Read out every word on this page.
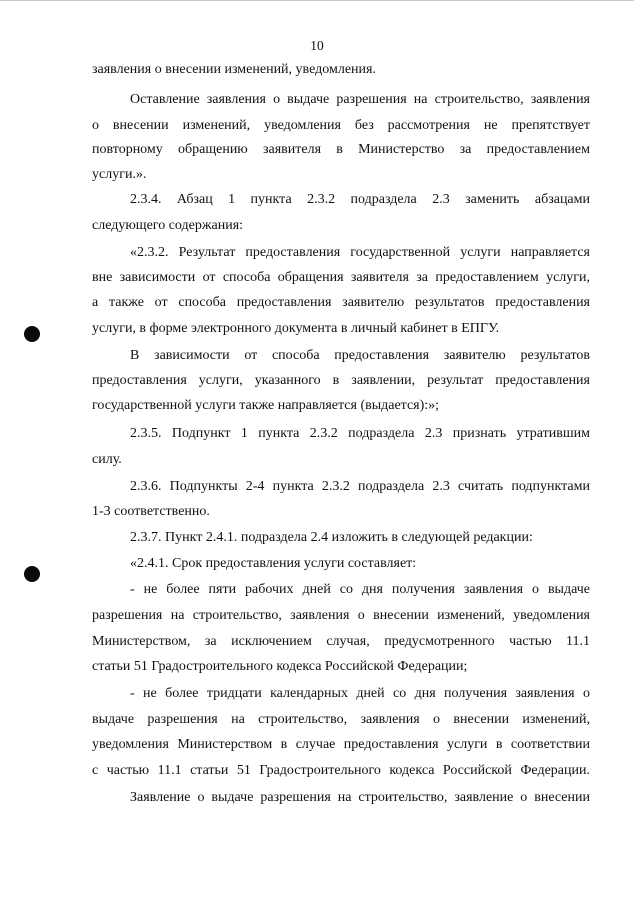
10
заявления о внесении изменений, уведомления.
Оставление заявления о выдаче разрешения на строительство, заявления
о внесении изменений, уведомления без рассмотрения не препятствует
повторному обращению заявителя в Министерство за предоставлением
услуги.».
2.3.4. Абзац 1 пункта 2.3.2 подраздела 2.3 заменить абзацами
следующего содержания:
«2.3.2. Результат предоставления государственной услуги направляется
вне зависимости от способа обращения заявителя за предоставлением услуги,
а также от способа предоставления заявителю результатов предоставления
услуги, в форме электронного документа в личный кабинет в ЕПГУ.
В зависимости от способа предоставления заявителю результатов
предоставления услуги, указанного в заявлении, результат предоставления
государственной услуги также направляется (выдается):»;
2.3.5. Подпункт 1 пункта 2.3.2 подраздела 2.3 признать утратившим
силу.
2.3.6. Подпункты 2-4 пункта 2.3.2 подраздела 2.3 считать подпунктами
1-3 соответственно.
2.3.7. Пункт 2.4.1. подраздела 2.4 изложить в следующей редакции:
«2.4.1. Срок предоставления услуги составляет:
- не более пяти рабочих дней со дня получения заявления о выдаче
разрешения на строительство, заявления о внесении изменений, уведомления
Министерством, за исключением случая, предусмотренного частью 11.1
статьи 51 Градостроительного кодекса Российской Федерации;
- не более тридцати календарных дней со дня получения заявления о
выдаче разрешения на строительство, заявления о внесении изменений,
уведомления Министерством в случае предоставления услуги в соответствии
с частью 11.1 статьи 51 Градостроительного кодекса Российской Федерации.
Заявление о выдаче разрешения на строительство, заявление о внесении
